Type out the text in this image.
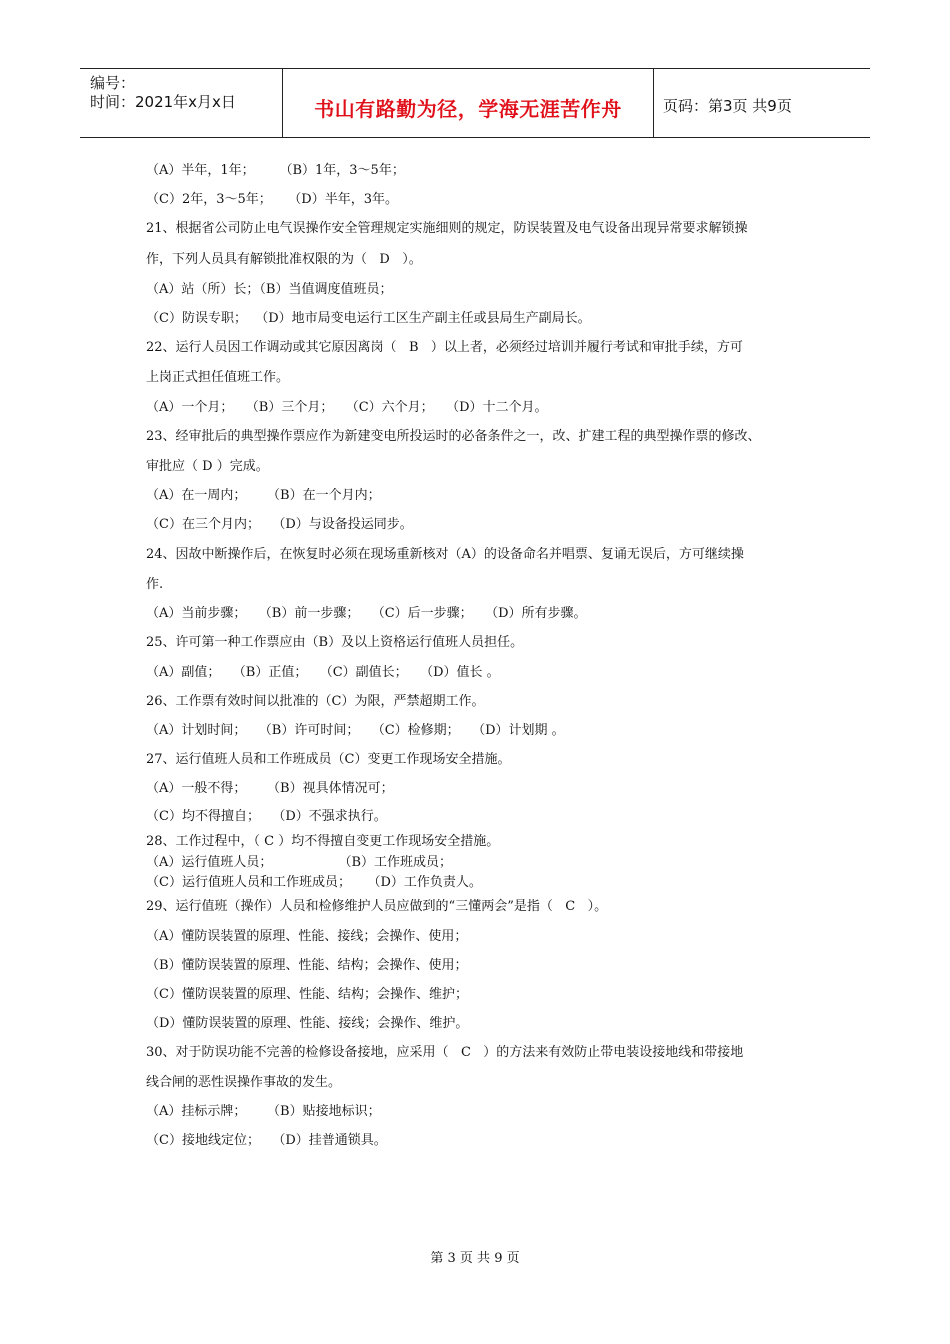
编号：
时间：2021年x月x日	书山有路勤为径，学海无涯苦作舟	页码：第3页 共9页
（A）半年，1年；      （B）1年，3～5年；
（C）2年，3～5年；    （D）半年，3年。
21、根据省公司防止电气误操作安全管理规定实施细则的规定，防误装置及电气设备出现异常要求解锁操
作，下列人员具有解锁批准权限的为（   D   ）。
（A）站（所）长；（B）当值调度值班员；
（C）防误专职；  （D）地市局变电运行工区生产副主任或县局生产副局长。
22、运行人员因工作调动或其它原因离岗（   B   ）以上者，必须经过培训并履行考试和审批手续，方可
上岗正式担任值班工作。
（A）一个月；   （B）三个月；   （C）六个月；   （D）十二个月。
23、经审批后的典型操作票应作为新建变电所投运时的必备条件之一，改、扩建工程的典型操作票的修改、
审批应（ D ）完成。
（A）在一周内；     （B）在一个月内；
（C）在三个月内；   （D）与设备投运同步。
24、因故中断操作后，在恢复时必须在现场重新核对（A）的设备命名并唱票、复诵无误后，方可继续操
作.
（A）当前步骤；   （B）前一步骤；   （C）后一步骤；   （D）所有步骤。
25、许可第一种工作票应由（B）及以上资格运行值班人员担任。
（A）副值；   （B）正值；   （C）副值长；   （D）值长 。
26、工作票有效时间以批准的（C）为限，严禁超期工作。
（A）计划时间；   （B）许可时间；   （C）检修期；   （D）计划期 。
27、运行值班人员和工作班成员（C）变更工作现场安全措施。
（A）一般不得；     （B）视具体情况可；
（C）均不得擅自；   （D）不强求执行。
28、工作过程中，（ C ）均不得擅自变更工作现场安全措施。
（A）运行值班人员；                （B）工作班成员；
（C）运行值班人员和工作班成员；    （D）工作负责人。
29、运行值班（操作）人员和检修维护人员应做到的“三懂两会”是指（   C   ）。
（A）懂防误装置的原理、性能、接线；会操作、使用；
（B）懂防误装置的原理、性能、结构；会操作、使用；
（C）懂防误装置的原理、性能、结构；会操作、维护；
（D）懂防误装置的原理、性能、接线；会操作、维护。
30、对于防误功能不完善的检修设备接地，应采用（   C   ）的方法来有效防止带电装设接地线和带接地
线合闸的恶性误操作事故的发生。
（A）挂标示牌；     （B）贴接地标识；
（C）接地线定位；   （D）挂普通锁具。
第 3 页 共 9 页
